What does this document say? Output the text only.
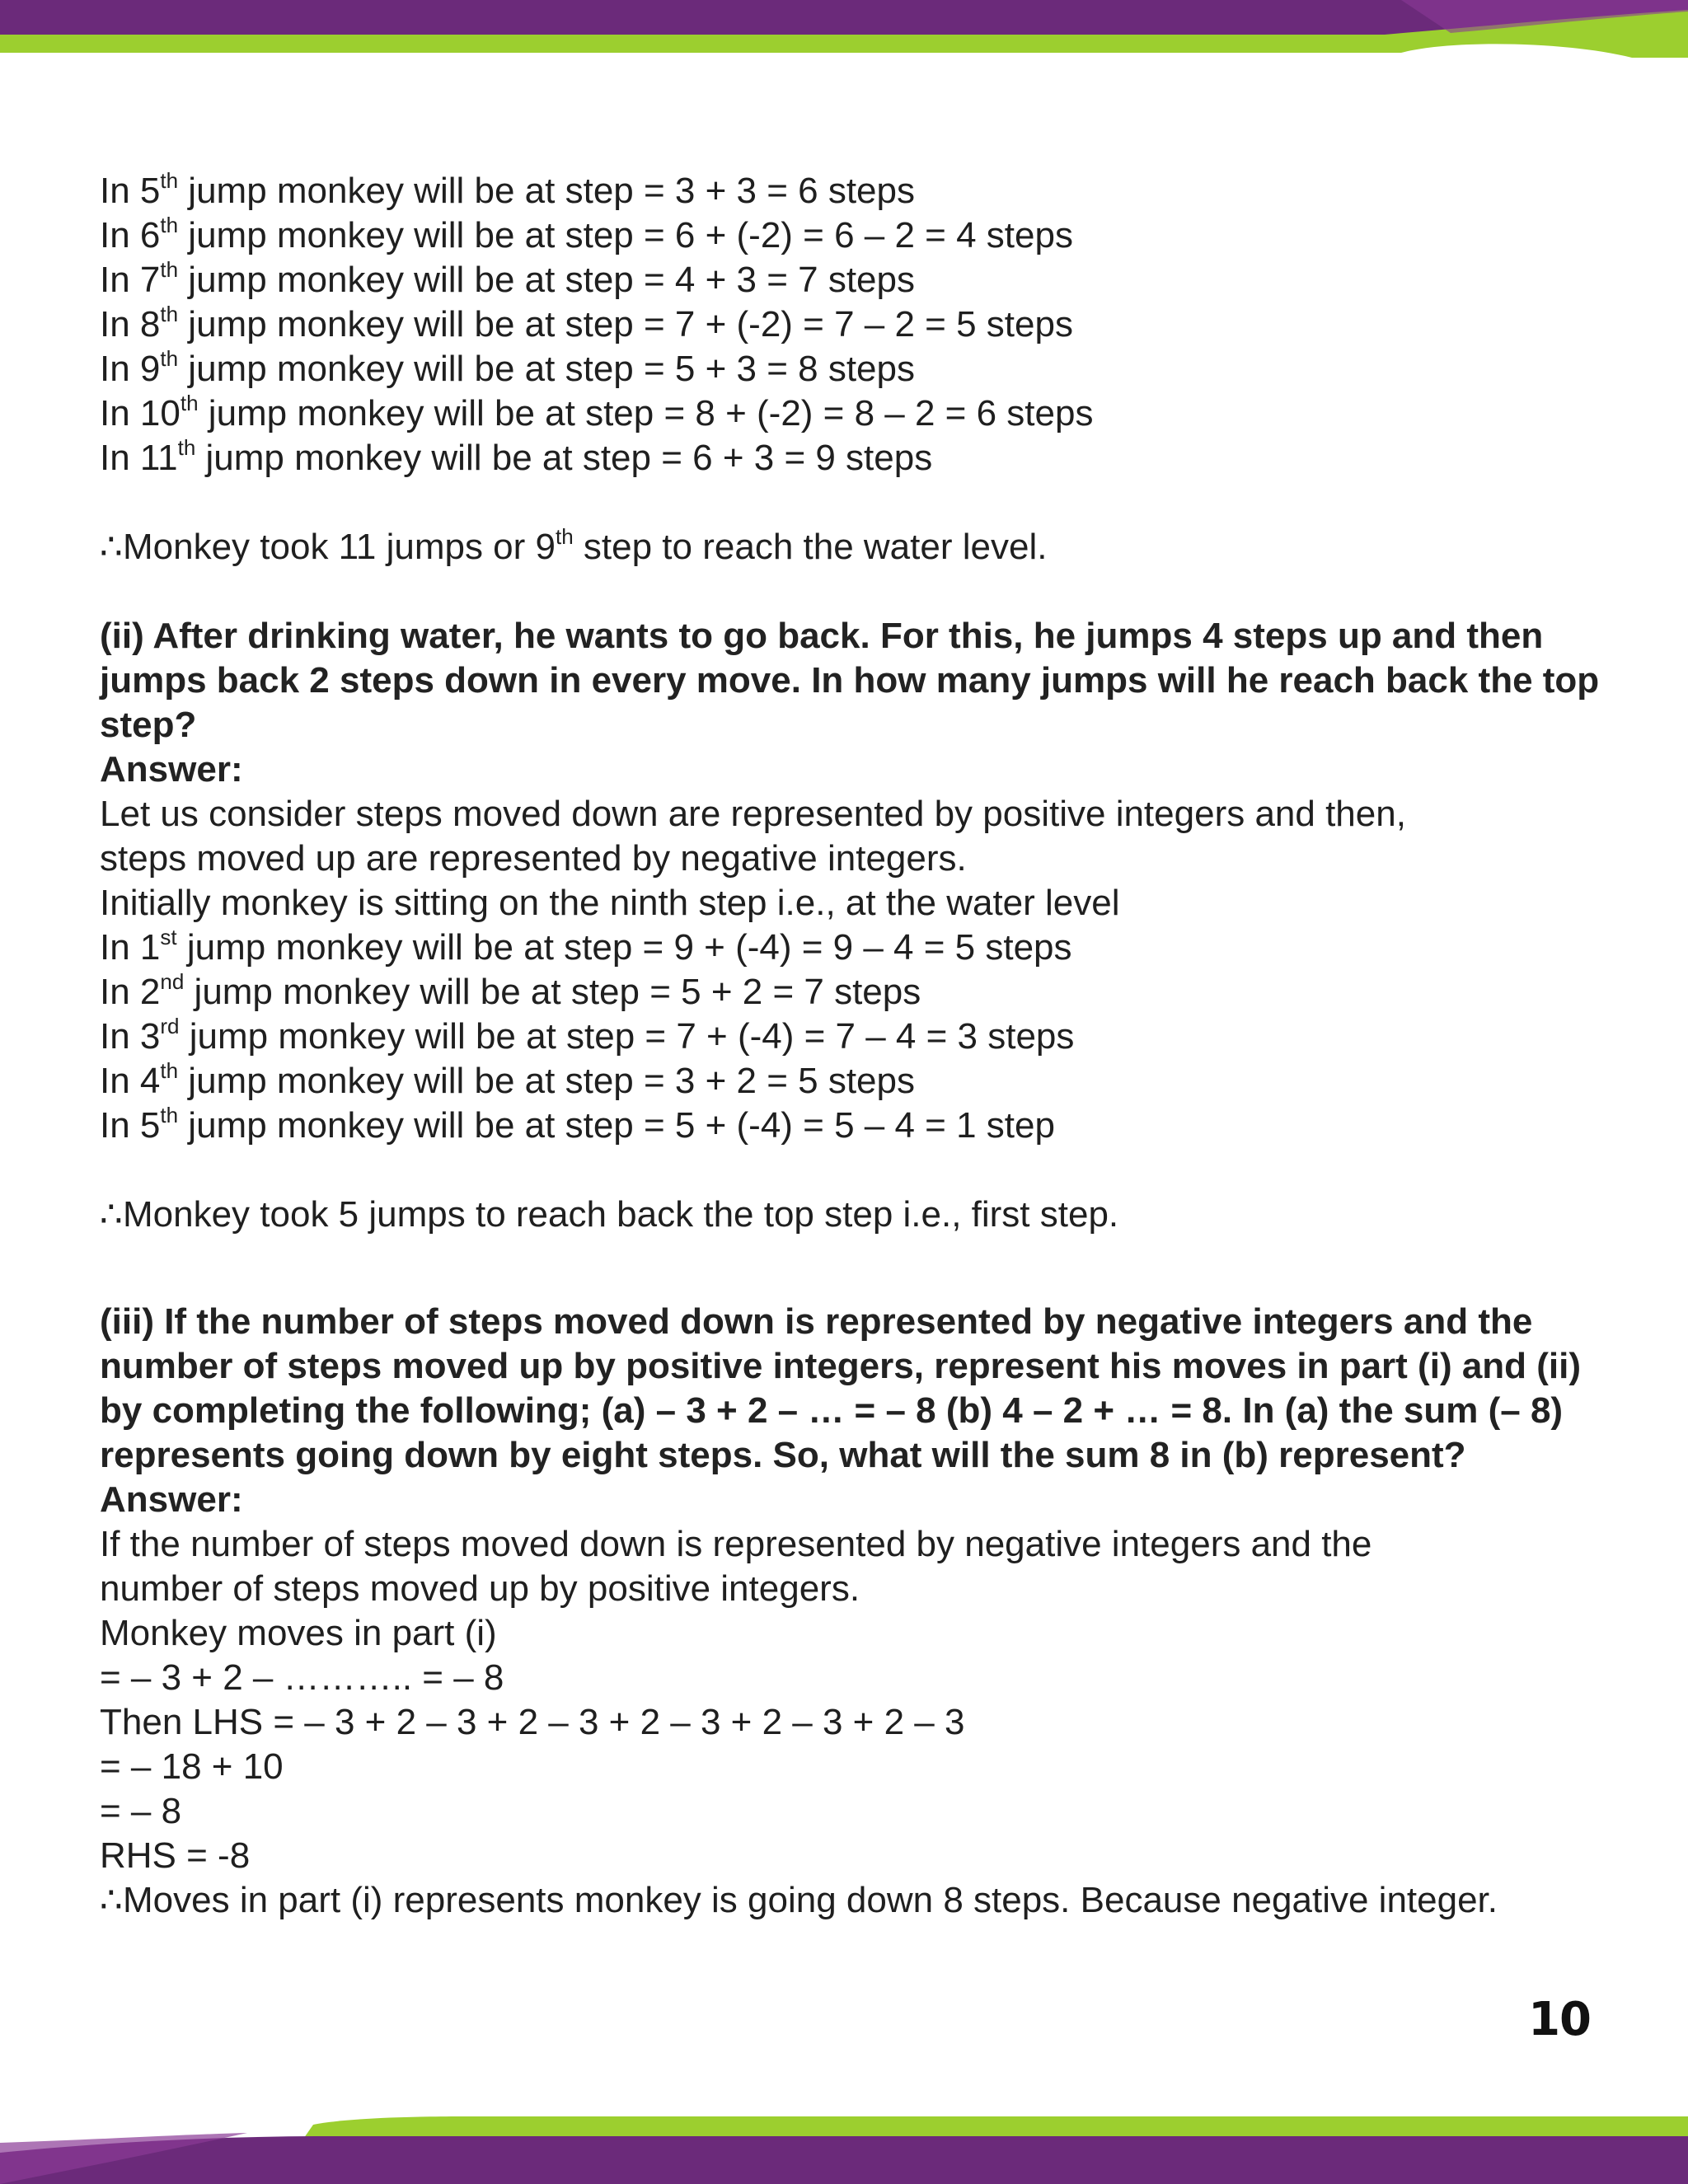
In 5th jump monkey will be at step = 3 + 3 = 6 steps
In 6th jump monkey will be at step = 6 + (-2) = 6 – 2 = 4 steps
In 7th jump monkey will be at step = 4 + 3 = 7 steps
In 8th jump monkey will be at step = 7 + (-2) = 7 – 2 = 5 steps
In 9th jump monkey will be at step = 5 + 3 = 8 steps
In 10th jump monkey will be at step = 8 + (-2) = 8 – 2 = 6 steps
In 11th jump monkey will be at step = 6 + 3 = 9 steps
∴Monkey took 11 jumps or 9th step to reach the water level.
(ii) After drinking water, he wants to go back. For this, he jumps 4 steps up and then jumps back 2 steps down in every move. In how many jumps will he reach back the top step?
Answer:
Let us consider steps moved down are represented by positive integers and then,
steps moved up are represented by negative integers.
Initially monkey is sitting on the ninth step i.e., at the water level
In 1st jump monkey will be at step = 9 + (-4) = 9 – 4 = 5 steps
In 2nd jump monkey will be at step = 5 + 2 = 7 steps
In 3rd jump monkey will be at step = 7 + (-4) = 7 – 4 = 3 steps
In 4th jump monkey will be at step = 3 + 2 = 5 steps
In 5th jump monkey will be at step = 5 + (-4) = 5 – 4 = 1 step
∴Monkey took 5 jumps to reach back the top step i.e., first step.
(iii) If the number of steps moved down is represented by negative integers and the number of steps moved up by positive integers, represent his moves in part (i) and (ii) by completing the following; (a) – 3 + 2 – … = – 8 (b) 4 – 2 + … = 8. In (a) the sum (– 8) represents going down by eight steps. So, what will the sum 8 in (b) represent?
Answer:
If the number of steps moved down is represented by negative integers and the
number of steps moved up by positive integers.
Monkey moves in part (i)
= – 3 + 2 – ……….. = – 8
Then LHS = – 3 + 2 – 3 + 2 – 3 + 2 – 3 + 2 – 3 + 2 – 3
= – 18 + 10
= – 8
RHS = -8
∴Moves in part (i) represents monkey is going down 8 steps. Because negative integer.
10
